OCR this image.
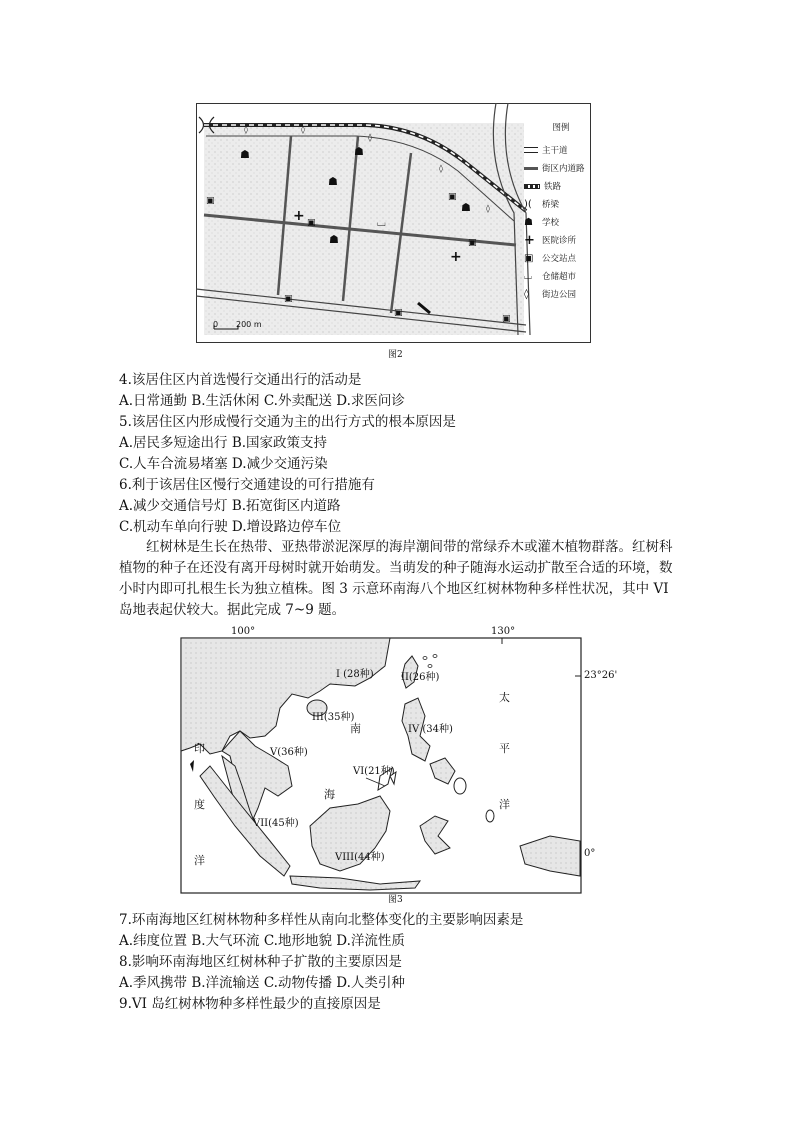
◊	◊
◊
◊
◊
☗
☗
☗
☗
☗
+
+
▣
▣
▣
▣
▣
▣
▣
⌴
0 200 m
图例
主干道
街区内道路
铁路
)(	桥梁
☗	学校
+ 医院诊所
▣	公交站点
⌴	仓储超市
◊	街边公园
图2
4.该居住区内首选慢行交通出行的活动是
A.日常通勤 B.生活休闲 C.外卖配送 D.求医问诊
5.该居住区内形成慢行交通为主的出行方式的根本原因是
A.居民多短途出行 B.国家政策支持
C.人车合流易堵塞 D.减少交通污染
6.利于该居住区慢行交通建设的可行措施有
A.减少交通信号灯 B.拓宽街区内道路
C.机动车单向行驶 D.增设路边停车位
红树林是生长在热带、亚热带淤泥深厚的海岸潮间带的常绿乔木或灌木植物群落。红树科植物的种子在还没有离开母树时就开始萌发。当萌发的种子随海水运动扩散至合适的环境，数小时内即可扎根生长为独立植株。图 3 示意环南海八个地区红树林物种多样性状况，其中 VI 岛地表起伏较大。据此完成 7~9 题。
100°	130°
23°26'
0°
I (28种)	II(26种)
III(35种)
IV (34种)
V(36种)
VI(21种)
VII(45种)
VIII(44种)
南
海
太
平
洋
印
度
洋
图3
7.环南海地区红树林物种多样性从南向北整体变化的主要影响因素是
A.纬度位置 B.大气环流 C.地形地貌 D.洋流性质
8.影响环南海地区红树林种子扩散的主要原因是
A.季风携带 B.洋流输送 C.动物传播 D.人类引种
9.VI 岛红树林物种多样性最少的直接原因是
